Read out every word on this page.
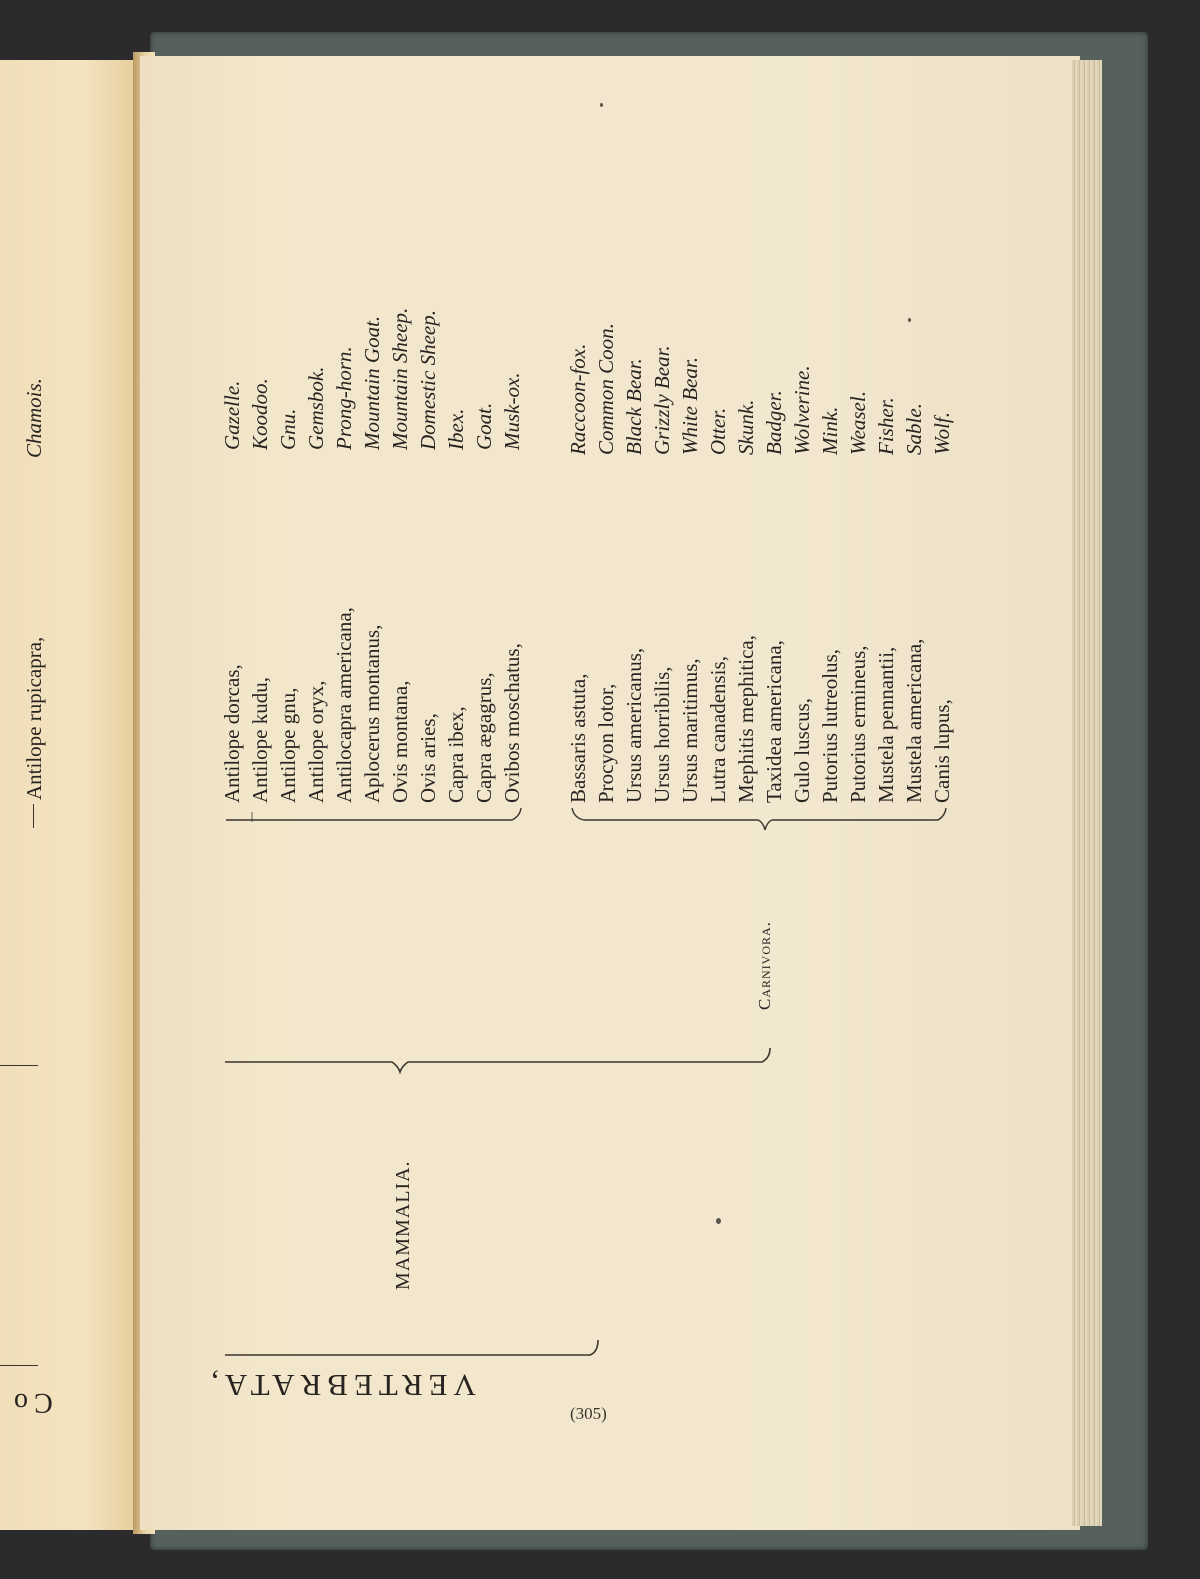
Antilope rupicapra,
Chamois.
Co	VERTEBRATA,
(305)
MAMMALIA.
Carnivora.
Antilope dorcas, Antilope kudu, Antilope gnu, Antilope oryx, Antilocapra americana, Aplocerus montanus, Ovis montana, Ovis aries, Capra ibex, Capra ægagrus, Ovibos moschatus,
Gazelle. Koodoo. Gnu. Gemsbok. Prong-horn. Mountain Goat. Mountain Sheep. Domestic Sheep. Ibex. Goat. Musk-ox.
Bassaris astuta, Procyon lotor, Ursus americanus, Ursus horribilis, Ursus maritimus, Lutra canadensis, Mephitis mephitica, Taxidea americana, Gulo luscus, Putorius lutreolus, Putorius ermineus, Mustela pennantii, Mustela americana, Canis lupus,
Raccoon-fox. Common Coon. Black Bear. Grizzly Bear. White Bear. Otter. Skunk. Badger. Wolverine. Mink. Weasel. Fisher. Sable. Wolf.
